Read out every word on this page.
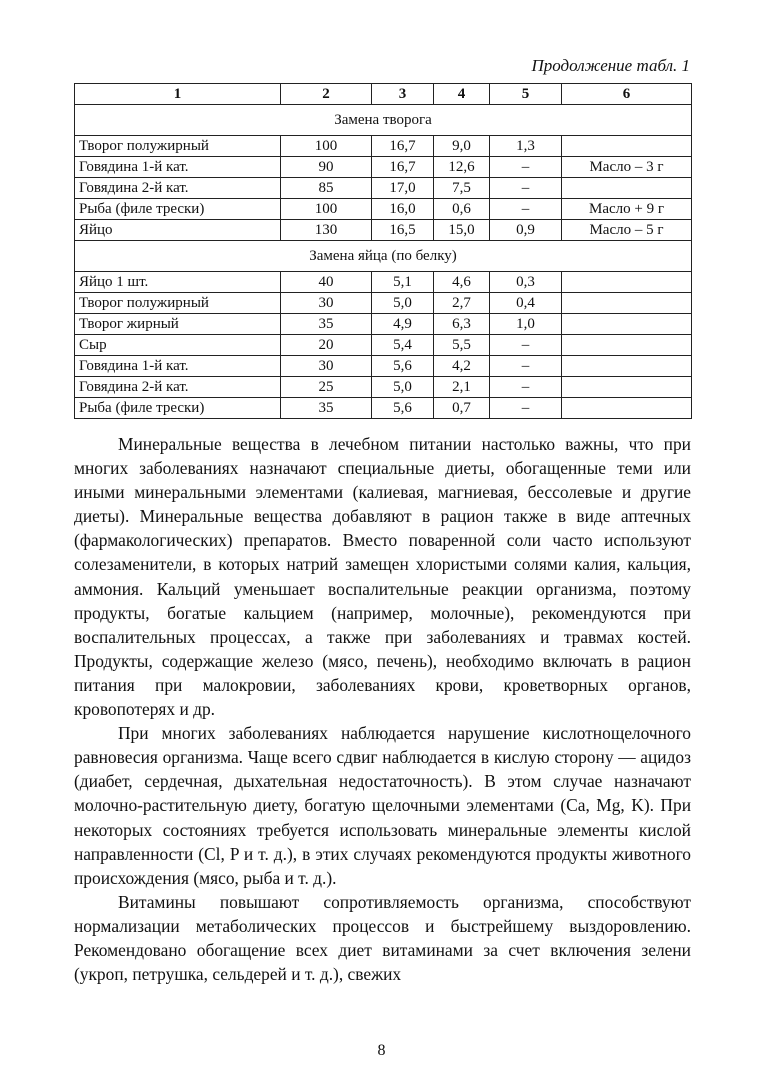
Продолжение табл. 1
1	2	3	4	5	6
Замена творога					
Творог полужирный	100	16,7	9,0	1,3	
Говядина 1-й кат.	90	16,7	12,6	–	Масло – 3 г
Говядина 2-й кат.	85	17,0	7,5	–	
Рыба (филе трески)	100	16,0	0,6	–	Масло + 9 г
Яйцо	130	16,5	15,0	0,9	Масло – 5 г
Замена яйца (по белку)					
Яйцо 1 шт.	40	5,1	4,6	0,3	
Творог полужирный	30	5,0	2,7	0,4	
Творог жирный	35	4,9	6,3	1,0	
Сыр	20	5,4	5,5	–	
Говядина 1-й кат.	30	5,6	4,2	–	
Говядина 2-й кат.	25	5,0	2,1	–	
Рыба (филе трески)	35	5,6	0,7	–	

Минеральные вещества в лечебном питании настолько важны, что при многих заболеваниях назначают специальные диеты, обогащенные теми или иными минеральными элементами (калиевая, магниевая, бессолевые и другие диеты). Минеральные вещества добавляют в рацион также в виде аптечных (фармакологических) препаратов. Вместо поваренной соли часто используют солезаменители, в которых натрий замещен хлористыми солями калия, кальция, аммония. Кальций уменьшает воспалительные реакции организма, поэтому продукты, богатые кальцием (например, молочные), рекомендуются при воспалительных процессах, а также при заболеваниях и травмах костей. Продукты, содержащие железо (мясо, печень), необходимо включать в рацион питания при малокровии, заболеваниях крови, кроветворных органов, кровопотерях и др.

При многих заболеваниях наблюдается нарушение кислотнощелочного равновесия организма. Чаще всего сдвиг наблюдается в кислую сторону — ацидоз (диабет, сердечная, дыхательная недостаточность). В этом случае назначают молочно-растительную диету, богатую щелочными элементами (Ca, Mg, K). При некоторых состояниях требуется использовать минеральные элементы кислой направленности (Cl, P и т. д.), в этих случаях рекомендуются продукты животного происхождения (мясо, рыба и т. д.).

Витамины повышают сопротивляемость организма, способствуют нормализации метаболических процессов и быстрейшему выздоровлению. Рекомендовано обогащение всех диет витаминами за счет включения зелени (укроп, петрушка, сельдерей и т. д.), свежих

8
